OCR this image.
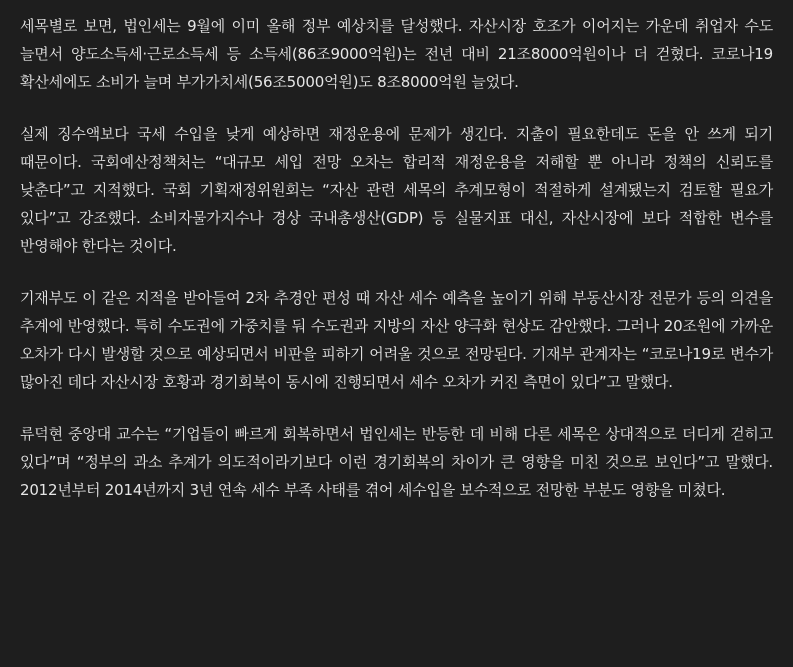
세목별로 보면, 법인세는 9월에 이미 올해 정부 예상치를 달성했다. 자산시장 호조가 이어지는 가운데 취업자 수도 늘면서 양도소득세·근로소득세 등 소득세(86조9000억원)는 전년 대비 21조8000억원이나 더 걷혔다. 코로나19 확산세에도 소비가 늘며 부가가치세(56조5000억원)도 8조8000억원 늘었다.

실제 징수액보다 국세 수입을 낮게 예상하면 재정운용에 문제가 생긴다. 지출이 필요한데도 돈을 안 쓰게 되기 때문이다. 국회예산정책처는 “대규모 세입 전망 오차는 합리적 재정운용을 저해할 뿐 아니라 정책의 신뢰도를 낮춘다”고 지적했다. 국회 기획재정위원회는 “자산 관련 세목의 추계모형이 적절하게 설계됐는지 검토할 필요가 있다”고 강조했다. 소비자물가지수나 경상 국내총생산(GDP) 등 실물지표 대신, 자산시장에 보다 적합한 변수를 반영해야 한다는 것이다.

기재부도 이 같은 지적을 받아들여 2차 추경안 편성 때 자산 세수 예측을 높이기 위해 부동산시장 전문가 등의 의견을 추계에 반영했다. 특히 수도권에 가중치를 둬 수도권과 지방의 자산 양극화 현상도 감안했다. 그러나 20조원에 가까운 오차가 다시 발생할 것으로 예상되면서 비판을 피하기 어려울 것으로 전망된다. 기재부 관계자는 “코로나19로 변수가 많아진 데다 자산시장 호황과 경기회복이 동시에 진행되면서 세수 오차가 커진 측면이 있다”고 말했다.

류덕현 중앙대 교수는 “기업들이 빠르게 회복하면서 법인세는 반등한 데 비해 다른 세목은 상대적으로 더디게 걷히고 있다”며 “정부의 과소 추계가 의도적이라기보다 이런 경기회복의 차이가 큰 영향을 미친 것으로 보인다”고 말했다. 2012년부터 2014년까지 3년 연속 세수 부족 사태를 겪어 세수입을 보수적으로 전망한 부분도 영향을 미쳤다.
